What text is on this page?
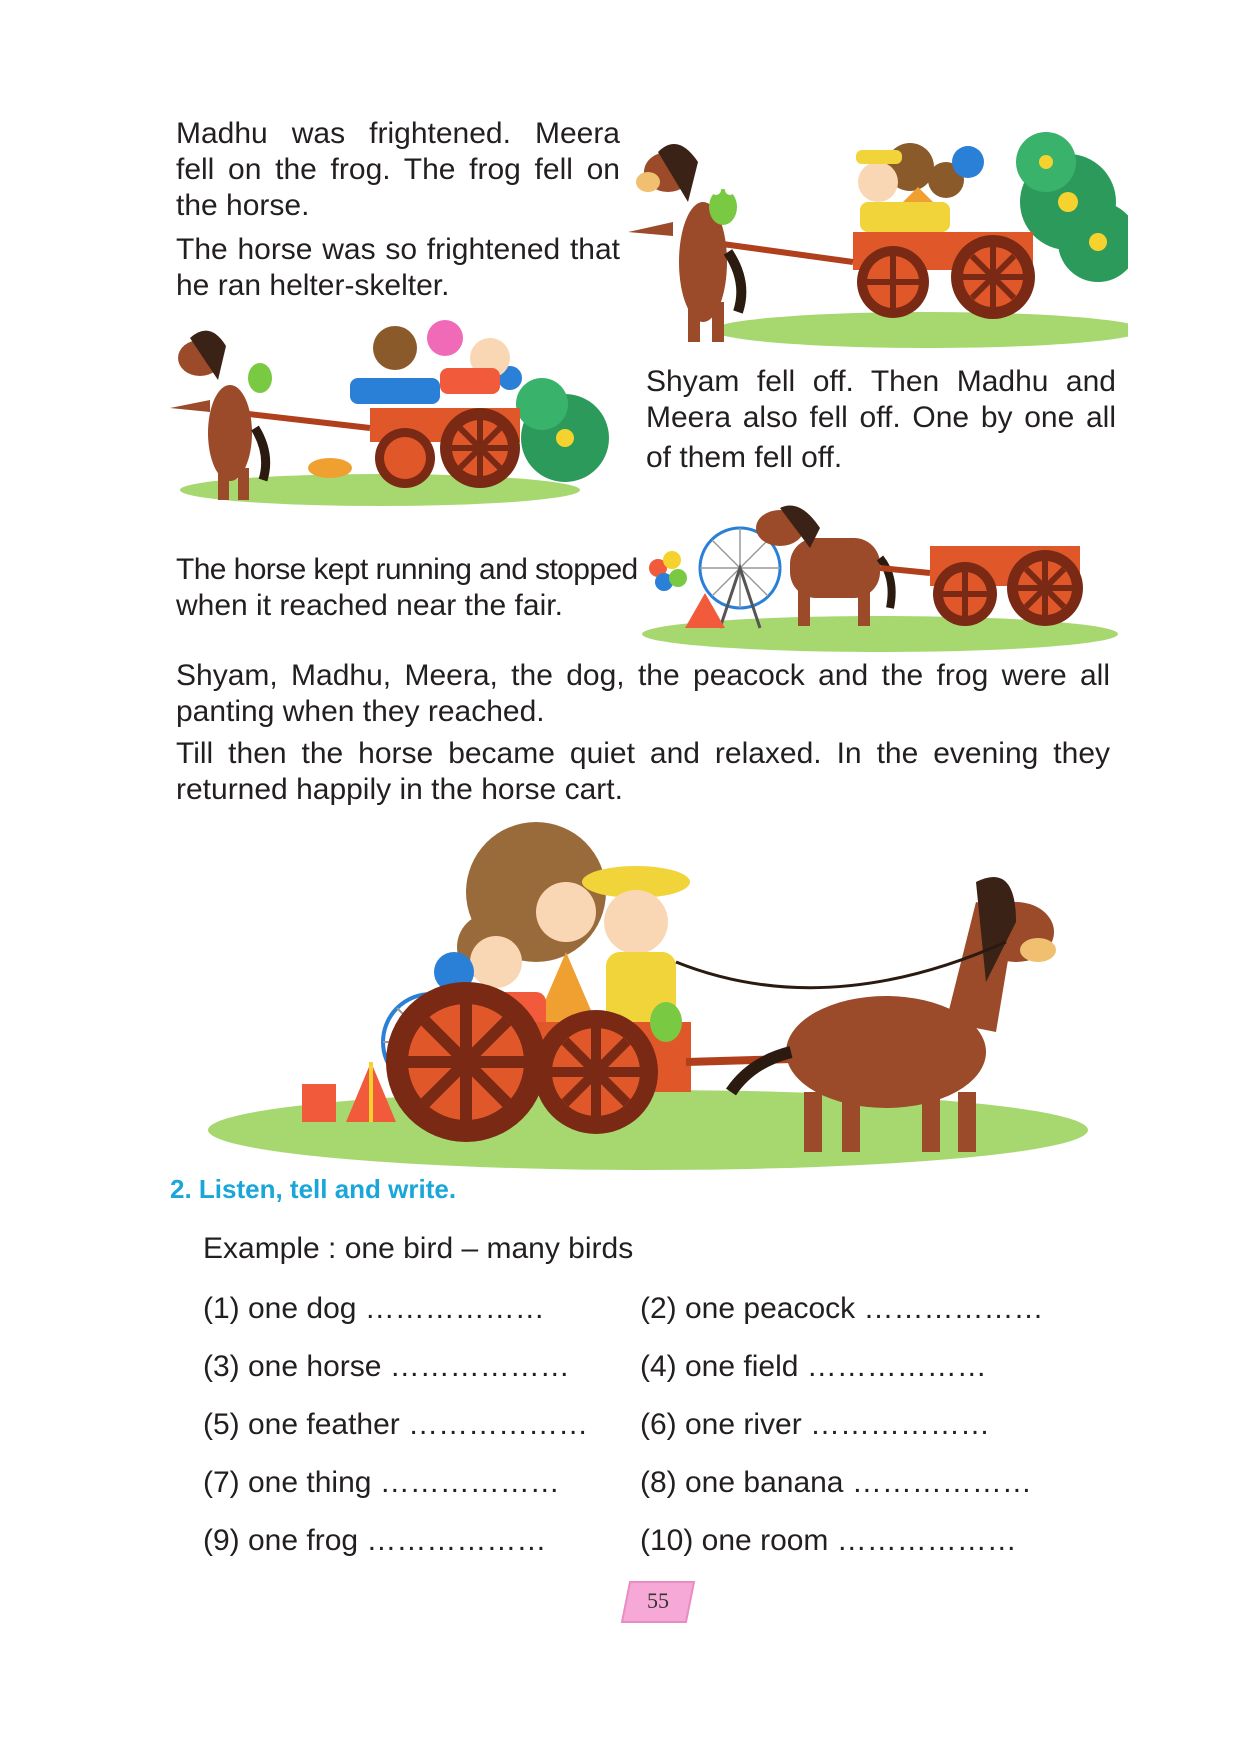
Madhu was frightened. Meera
fell on the frog. The frog fell on
the horse.
The horse was so frightened that
he ran helter-skelter.
Shyam fell off. Then Madhu and
Meera also fell off. One by one all
of them fell off.
The horse kept running and stopped
when it reached near the fair.
Shyam, Madhu, Meera, the dog, the peacock and the frog were all
panting when they reached.
Till then the horse became quiet and relaxed. In the evening they
returned happily in the horse cart.
2. Listen, tell and write.
Example : one bird – many birds
(1) one dog ………………	(2) one peacock ………………
(3) one horse ……………… (4) one field ………………
(5) one feather ……………… (6) one river ………………
(7) one thing ………………	(8) one banana ………………
(9) one frog ………………	(10) one room ………………
55
